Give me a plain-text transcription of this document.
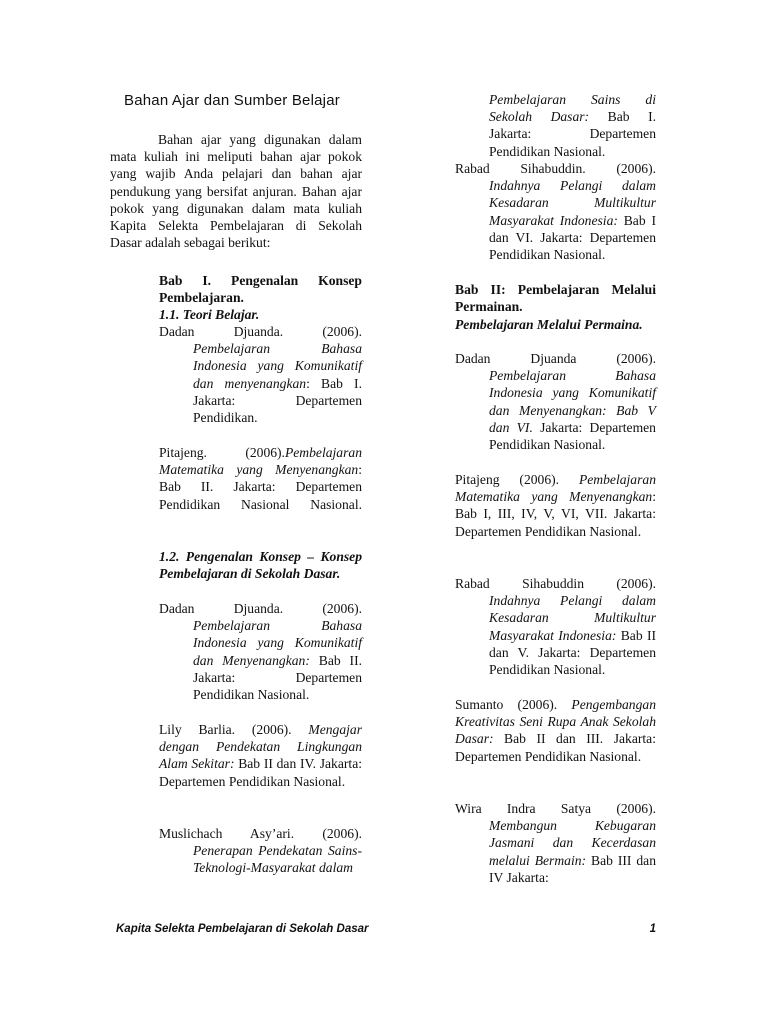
Bahan Ajar dan Sumber Belajar

Bahan ajar yang digunakan dalam mata kuliah ini meliputi bahan ajar pokok yang wajib Anda pelajari dan bahan ajar pendukung yang bersifat anjuran. Bahan ajar pokok yang digunakan dalam mata kuliah Kapita Selekta Pembelajaran di Sekolah Dasar adalah sebagai berikut:

Bab I. Pengenalan Konsep Pembelajaran.
1.1. Teori Belajar.
Dadan Djuanda. (2006).
Pembelajaran Bahasa Indonesia yang Komunikatif dan menyenangkan: Bab I. Jakarta: Departemen Pendidikan.
Pitajeng. (2006).Pembelajaran Matematika yang Menyenangkan: Bab II. Jakarta: Departemen Pendidikan Nasional Nasional.
1.2. Pengenalan Konsep – Konsep Pembelajaran di Sekolah Dasar.
Dadan Djuanda. (2006).
Pembelajaran Bahasa Indonesia yang Komunikatif dan Menyenangkan: Bab II. Jakarta: Departemen Pendidikan Nasional.
Lily Barlia. (2006). Mengajar dengan Pendekatan Lingkungan Alam Sekitar: Bab II dan IV. Jakarta: Departemen Pendidikan Nasional.
Muslichach Asy’ari. (2006).
Penerapan Pendekatan Sains-Teknologi-Masyarakat dalam
Pembelajaran Sains di Sekolah Dasar: Bab I. Jakarta: Departemen Pendidikan Nasional.
Rabad Sihabuddin. (2006).
Indahnya Pelangi dalam Kesadaran Multikultur Masyarakat Indonesia: Bab I dan VI. Jakarta: Departemen Pendidikan Nasional.
Bab II: Pembelajaran Melalui Permainan.
Pembelajaran Melalui Permaina.
Dadan Djuanda (2006).
Pembelajaran Bahasa Indonesia yang Komunikatif dan Menyenangkan: Bab V dan VI. Jakarta: Departemen Pendidikan Nasional.
Pitajeng (2006). Pembelajaran Matematika yang Menyenangkan: Bab I, III, IV, V, VI, VII. Jakarta: Departemen Pendidikan Nasional.
Rabad Sihabuddin (2006).
Indahnya Pelangi dalam Kesadaran Multikultur Masyarakat Indonesia: Bab II dan V. Jakarta: Departemen Pendidikan Nasional.
Sumanto (2006). Pengembangan Kreativitas Seni Rupa Anak Sekolah Dasar: Bab II dan III. Jakarta: Departemen Pendidikan Nasional.
Wira Indra Satya (2006).
Membangun Kebugaran Jasmani dan Kecerdasan melalui Bermain: Bab III dan IV Jakarta:
Kapita Selekta Pembelajaran di Sekolah Dasar	1
